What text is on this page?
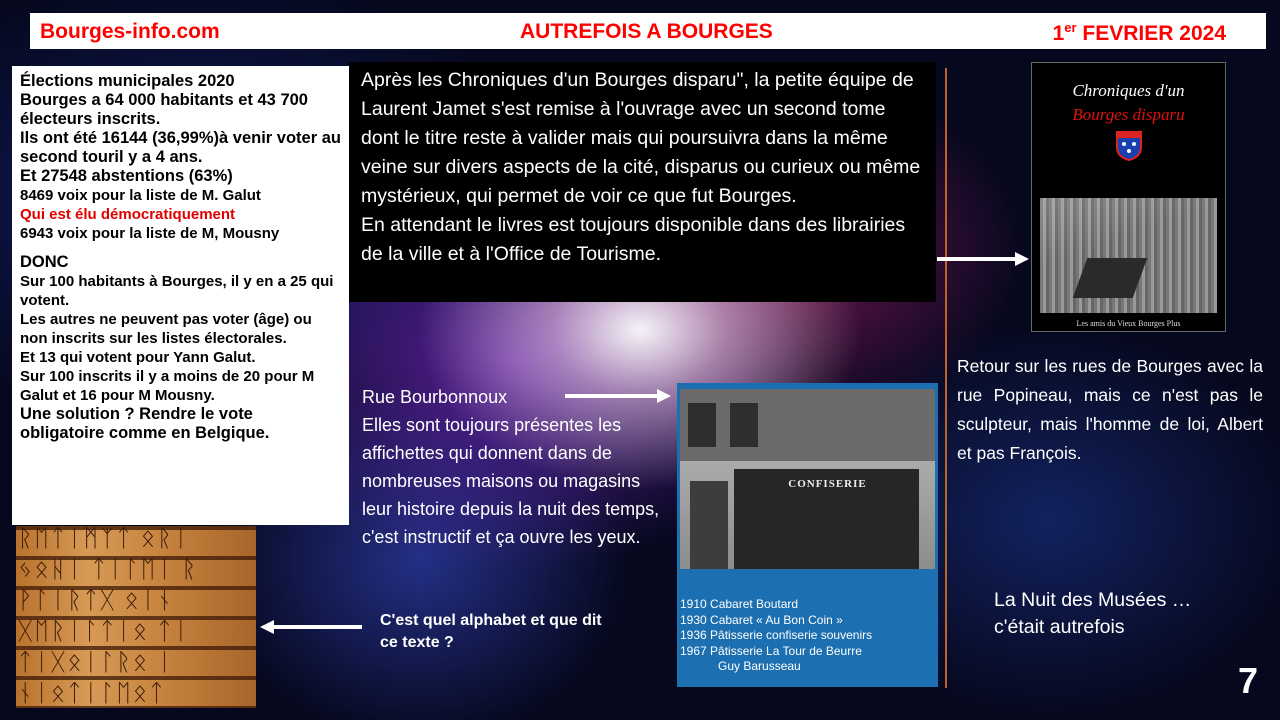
Bourges-info.com	AUTREFOIS A BOURGES	1er FEVRIER 2024
Élections municipales 2020
Bourges a 64 000 habitants et 43 700 électeurs inscrits.
Ils ont été 16144 (36,99%)à venir voter au second touril y a 4 ans.
Et 27548 abstentions (63%)
8469 voix pour la liste de M. Galut
Qui est élu démocratiquement
6943 voix pour la liste de M, Mousny
DONC
Sur 100 habitants à Bourges, il y en a 25 qui votent.
Les autres ne peuvent pas voter (âge) ou non inscrits sur les listes électorales.
Et 13 qui votent pour Yann Galut.
Sur 100 inscrits il y a moins de 20 pour M Galut et 16 pour M Mousny.
Une solution ? Rendre le vote obligatoire comme en Belgique.
Après les Chroniques d'un Bourges disparu", la petite équipe de Laurent Jamet s'est remise à l'ouvrage avec un second tome dont le titre reste à valider mais qui poursuivra dans la même veine sur divers aspects de la cité, disparus ou curieux ou même mystérieux, qui permet de voir ce que fut Bourges.
En attendant le livres est toujours disponible dans des librairies de la ville et à l'Office de Tourisme.
Chroniques d'un
Bourges disparu
Les amis du Vieux Bourges Plus
Retour sur les rues de Bourges avec la rue Popineau, mais ce n'est pas le sculpteur, mais l'homme de loi, Albert et pas François.
Rue Bourbonnoux
Elles sont toujours présentes les affichettes qui donnent dans de nombreuses maisons ou magasins leur histoire depuis la nuit des temps, c'est instructif et ça ouvre les yeux.
CONFISERIE
1910 Cabaret Boutard
1930 Cabaret « Au Bon Coin »
1936 Pâtisserie confiserie souvenirs
1967 Pâtisserie La Tour de Beurre
Guy Barusseau
ᚱᛖᛏᛁᛗᛉᛏ ᛟᚱᛁ
ᛃᛟᚺᛁ ᛏᛁᛚᛖᛁ ᚱ
ᚹᛚᛁᚱᛏᚷ ᛟᛁᚾ
ᚷᛖᚱᛁᛚᛏᛁᛟ ᛏᛁ
ᛏᛁᚷᛟᛁᛚᚱᛟ ᛁ
ᚾᛁᛟᛏᛁᛚᛖᛟᛏ
C'est quel alphabet et que dit ce texte ?
La Nuit des Musées …
c'était autrefois
7
